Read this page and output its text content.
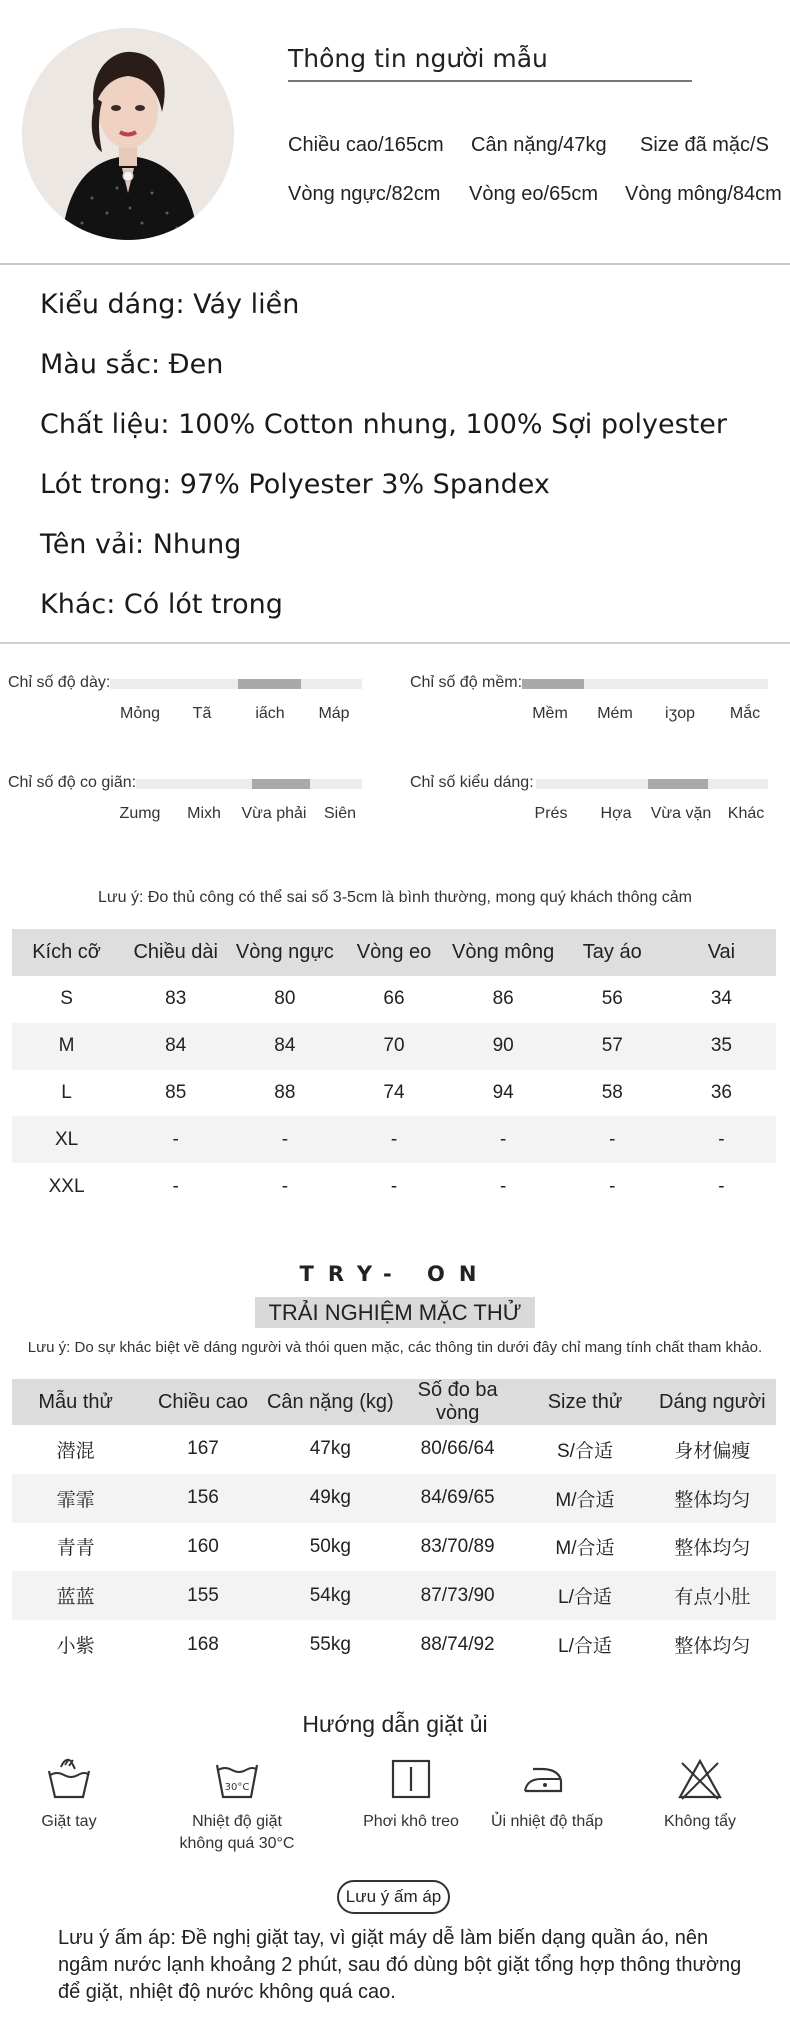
Thông tin người mẫu
Chiều cao/165cm Cân nặng/47kg Size đã mặc/S
Vòng ngực/82cm Vòng eo/65cm Vòng mông/84cm
Kiểu dáng: Váy liền
Màu sắc: Đen
Chất liệu: 100% Cotton nhung, 100% Sợi polyester
Lót trong: 97% Polyester 3% Spandex
Tên vải: Nhung
Khác: Có lót trong
Chỉ số độ dày:
Mỏng Tã	ia̋ch Máp
Chỉ số độ mềm:
Mềm Mém iʒop Mắc
Chỉ số độ co giãn:
Zumg Mixh Vừa phải Siên
Chỉ số kiểu dáng:
Prés Hợa Vừa vặn Khác
Lưu ý: Đo thủ công có thể sai số 3-5cm là bình thường, mong quý khách thông cảm
Kích cỡ	Chiều dài	Vòng ngực	Vòng eo	Vòng mông	Tay áo	Vai
S	83	80	66	86	56	34
M	84	84	70	90	57	35
L	85	88	74	94	58	36
XL	-	-	-	-	-	-
XXL	-	-	-	-	-	-
TRY- ON
TRẢI NGHIỆM MẶC THỬ
Lưu ý: Do sự khác biệt về dáng người và thói quen mặc, các thông tin dưới đây chỉ mang tính chất tham khảo.
Mẫu thử	Chiều cao	Cân nặng (kg)	Số đo ba vòng	Size thử	Dáng người
潜混	167	47kg	80/66/64	S/合适	身材偏瘦
霏霏	156	49kg	84/69/65	M/合适	整体均匀
青青	160	50kg	83/70/89	M/合适	整体均匀
蓝蓝	155	54kg	87/73/90	L/合适	有点小肚
小紫	168	55kg	88/74/92	L/合适	整体均匀
Hướng dẫn giặt ủi
30°C
Giặt tay	Nhiệt độ giặt
không quá 30°C
Phơi khô treo Ủi nhiệt độ thấp	Không tẩy
Lưu ý ấm áp
Lưu ý ấm áp: Đề nghị giặt tay, vì giặt máy dễ làm biến dạng quần áo, nên ngâm nước lạnh khoảng 2 phút, sau đó dùng bột giặt tổng hợp thông thường để giặt, nhiệt độ nước không quá cao.
